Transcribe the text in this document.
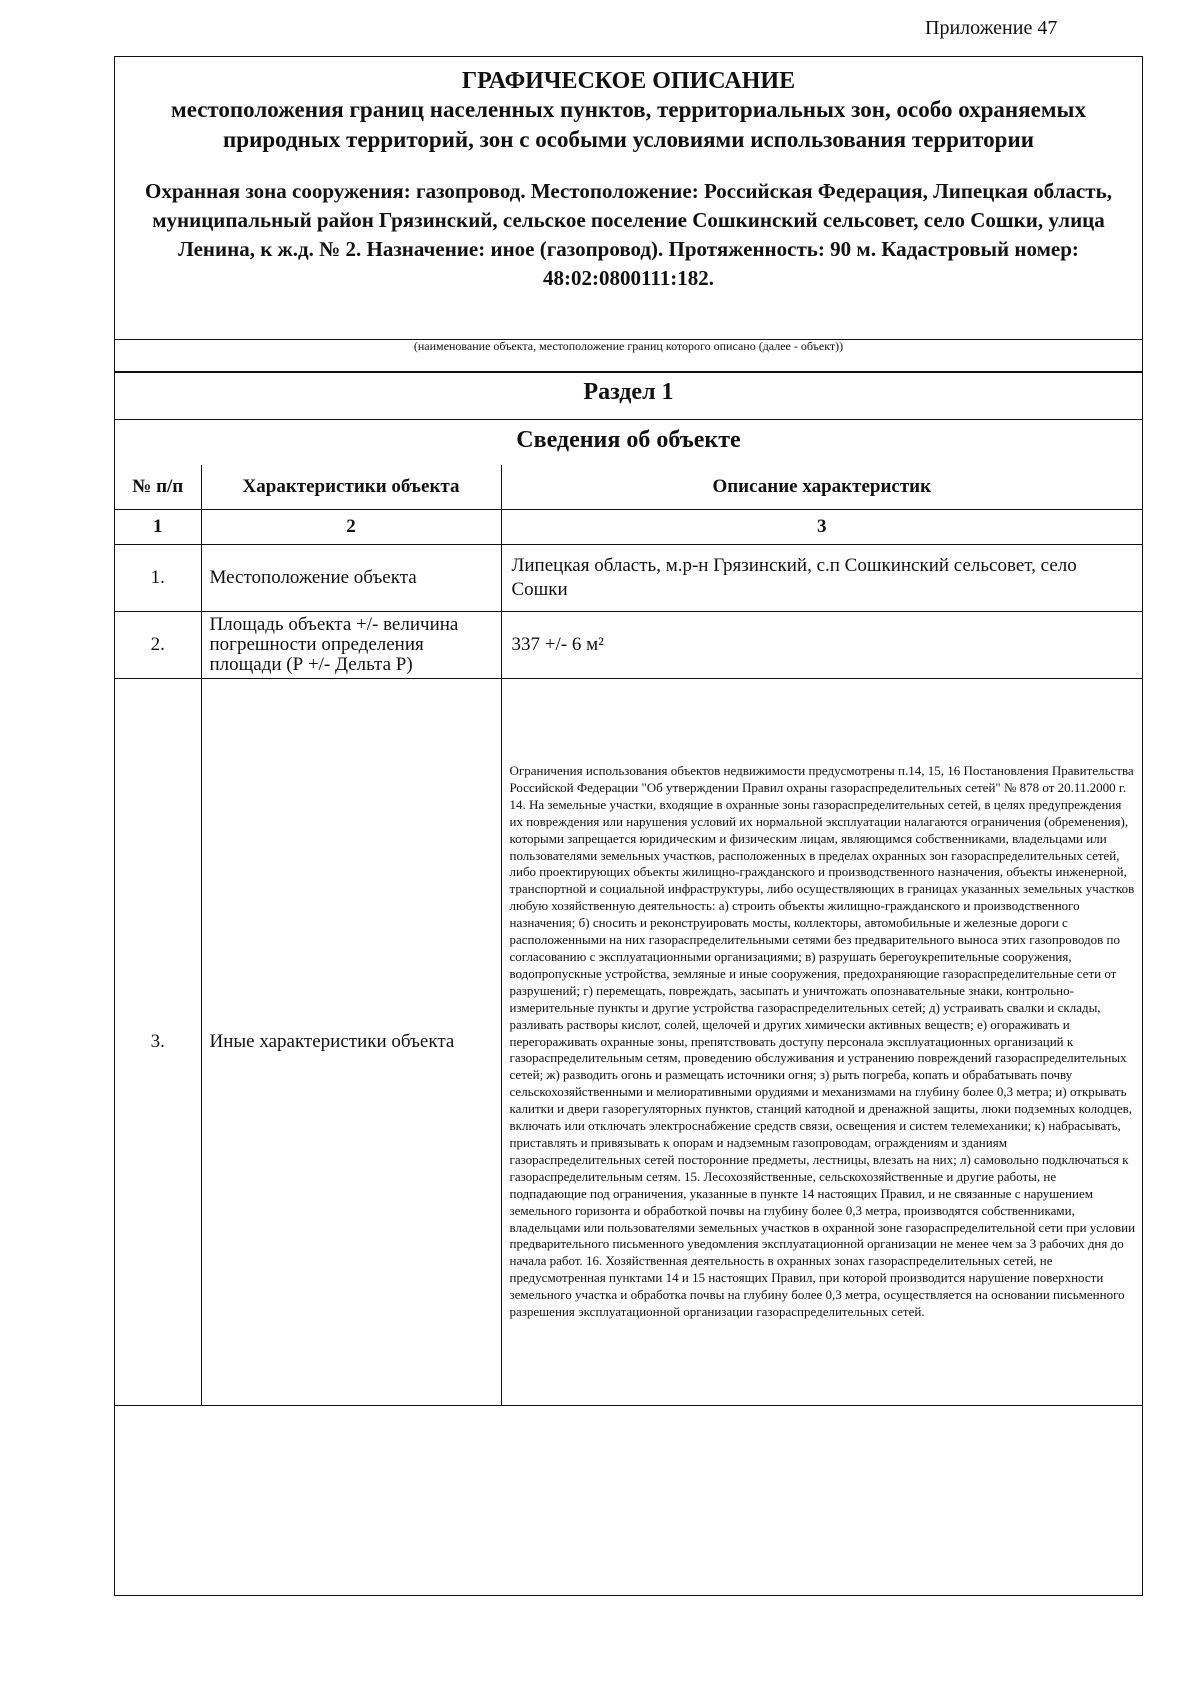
Приложение 47
ГРАФИЧЕСКОЕ ОПИСАНИЕ
местоположения границ населенных пунктов, территориальных зон, особо охраняемых природных территорий, зон с особыми условиями использования территории
Охранная зона сооружения: газопровод. Местоположение: Российская Федерация, Липецкая область, муниципальный район Грязинский, сельское поселение Сошкинский сельсовет, село Сошки, улица Ленина, к ж.д. № 2. Назначение: иное (газопровод). Протяженность: 90 м. Кадастровый номер: 48:02:0800111:182.
(наименование объекта, местоположение границ которого описано (далее - объект))
Раздел 1
Сведения об объекте
№ п/п	Характеристики объекта	Описание характеристик
1	2	3
1.	Местоположение объекта	Липецкая область, м.р-н Грязинский, с.п Сошкинский сельсовет, село Сошки
2.	Площадь объекта +/- величина погрешности определения площади (Р +/- Дельта Р)	337 +/- 6 м²
3.	Иные характеристики объекта	Ограничения использования объектов недвижимости предусмотрены п.14, 15, 16 Постановления Правительства Российской Федерации "Об утверждении Правил охраны газораспределительных сетей" № 878 от 20.11.2000 г. 14. На земельные участки, входящие в охранные зоны газораспределительных сетей, в целях предупреждения их повреждения или нарушения условий их нормальной эксплуатации налагаются ограничения (обременения), которыми запрещается юридическим и физическим лицам, являющимся собственниками, владельцами или пользователями земельных участков, расположенных в пределах охранных зон газораспределительных сетей, либо проектирующих объекты жилищно-гражданского и производственного назначения, объекты инженерной, транспортной и социальной инфраструктуры, либо осуществляющих в границах указанных земельных участков любую хозяйственную деятельность: а) строить объекты жилищно-гражданского и производственного назначения; б) сносить и реконструировать мосты, коллекторы, автомобильные и железные дороги с расположенными на них газораспределительными сетями без предварительного выноса этих газопроводов по согласованию с эксплуатационными организациями; в) разрушать берегоукрепительные сооружения, водопропускные устройства, земляные и иные сооружения, предохраняющие газораспределительные сети от разрушений; г) перемещать, повреждать, засыпать и уничтожать опознавательные знаки, контрольно-измерительные пункты и другие устройства газораспределительных сетей; д) устраивать свалки и склады, разливать растворы кислот, солей, щелочей и других химически активных веществ; е) огораживать и перегораживать охранные зоны, препятствовать доступу персонала эксплуатационных организаций к газораспределительным сетям, проведению обслуживания и устранению повреждений газораспределительных сетей; ж) разводить огонь и размещать источники огня; з) рыть погреба, копать и обрабатывать почву сельскохозяйственными и мелиоративными орудиями и механизмами на глубину более 0,3 метра; и) открывать калитки и двери газорегуляторных пунктов, станций катодной и дренажной защиты, люки подземных колодцев, включать или отключать электроснабжение средств связи, освещения и систем телемеханики; к) набрасывать, приставлять и привязывать к опорам и надземным газопроводам, ограждениям и зданиям газораспределительных сетей посторонние предметы, лестницы, влезать на них; л) самовольно подключаться к газораспределительным сетям. 15. Лесохозяйственные, сельскохозяйственные и другие работы, не подпадающие под ограничения, указанные в пункте 14 настоящих Правил, и не связанные с нарушением земельного горизонта и обработкой почвы на глубину более 0,3 метра, производятся собственниками, владельцами или пользователями земельных участков в охранной зоне газораспределительной сети при условии предварительного письменного уведомления эксплуатационной организации не менее чем за 3 рабочих дня до начала работ. 16. Хозяйственная деятельность в охранных зонах газораспределительных сетей, не предусмотренная пунктами 14 и 15 настоящих Правил, при которой производится нарушение поверхности земельного участка и обработка почвы на глубину более 0,3 метра, осуществляется на основании письменного разрешения эксплуатационной организации газораспределительных сетей.
